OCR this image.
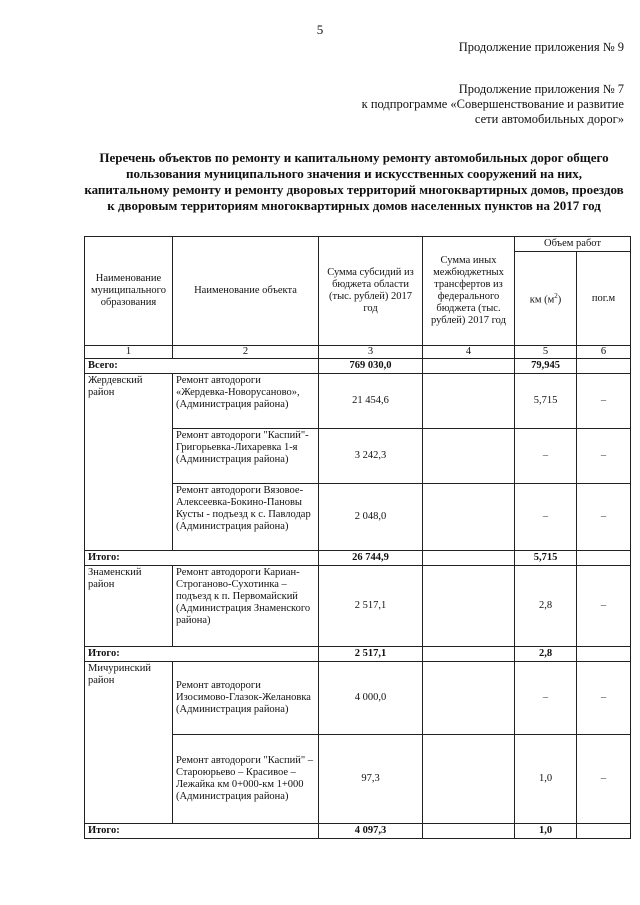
5
Продолжение приложения № 9
Продолжение приложения № 7
к подпрограмме «Совершенствование и развитие
сети автомобильных дорог»
Перечень объектов по ремонту и капитальному ремонту автомобильных дорог общего пользования муниципального значения и искусственных сооружений на них, капитальному ремонту и ремонту дворовых территорий многоквартирных домов, проездов к дворовым территориям многоквартирных домов населенных пунктов на 2017 год
Наименование муниципального образования	Наименование объекта	Сумма субсидий из бюджета области (тыс. рублей) 2017 год	Сумма иных межбюджетных трансфертов из федерального бюджета (тыс. рублей) 2017 год	Объем работ	
				км $(м^2)$	пог.м
1	2	3	4	5	6
Всего:		769 030,0		79,945	
Жердевский район	Ремонт автодороги «Жердевка-Новорусаново», (Администрация района)	21 454,6		5,715	–
	Ремонт автодороги "Каспий"- Григорьевка-Лихаревка 1-я (Администрация района)	3 242,3		–	–
	Ремонт автодороги Вязовое- Алексеевка-Бокино-Пановы Кусты - подъезд к с. Павлодар (Администрация района)	2 048,0		–	–
Итого:		26 744,9		5,715	
Знаменский район	Ремонт автодороги Кариан-Строганово-Сухотинка – подъезд к п. Первомайский (Администрация Знаменского района)	2 517,1		2,8	–
Итого:		2 517,1		2,8	
Мичуринский район	Ремонт автодороги Изосимово-Глазок-Желановка (Администрация района)	4 000,0		–	–
	Ремонт автодороги "Каспий" – Староюрьево – Красивое – Лежайка км 0+000-км 1+000 (Администрация района)	97,3		1,0	–
Итого:		4 097,3		1,0	
